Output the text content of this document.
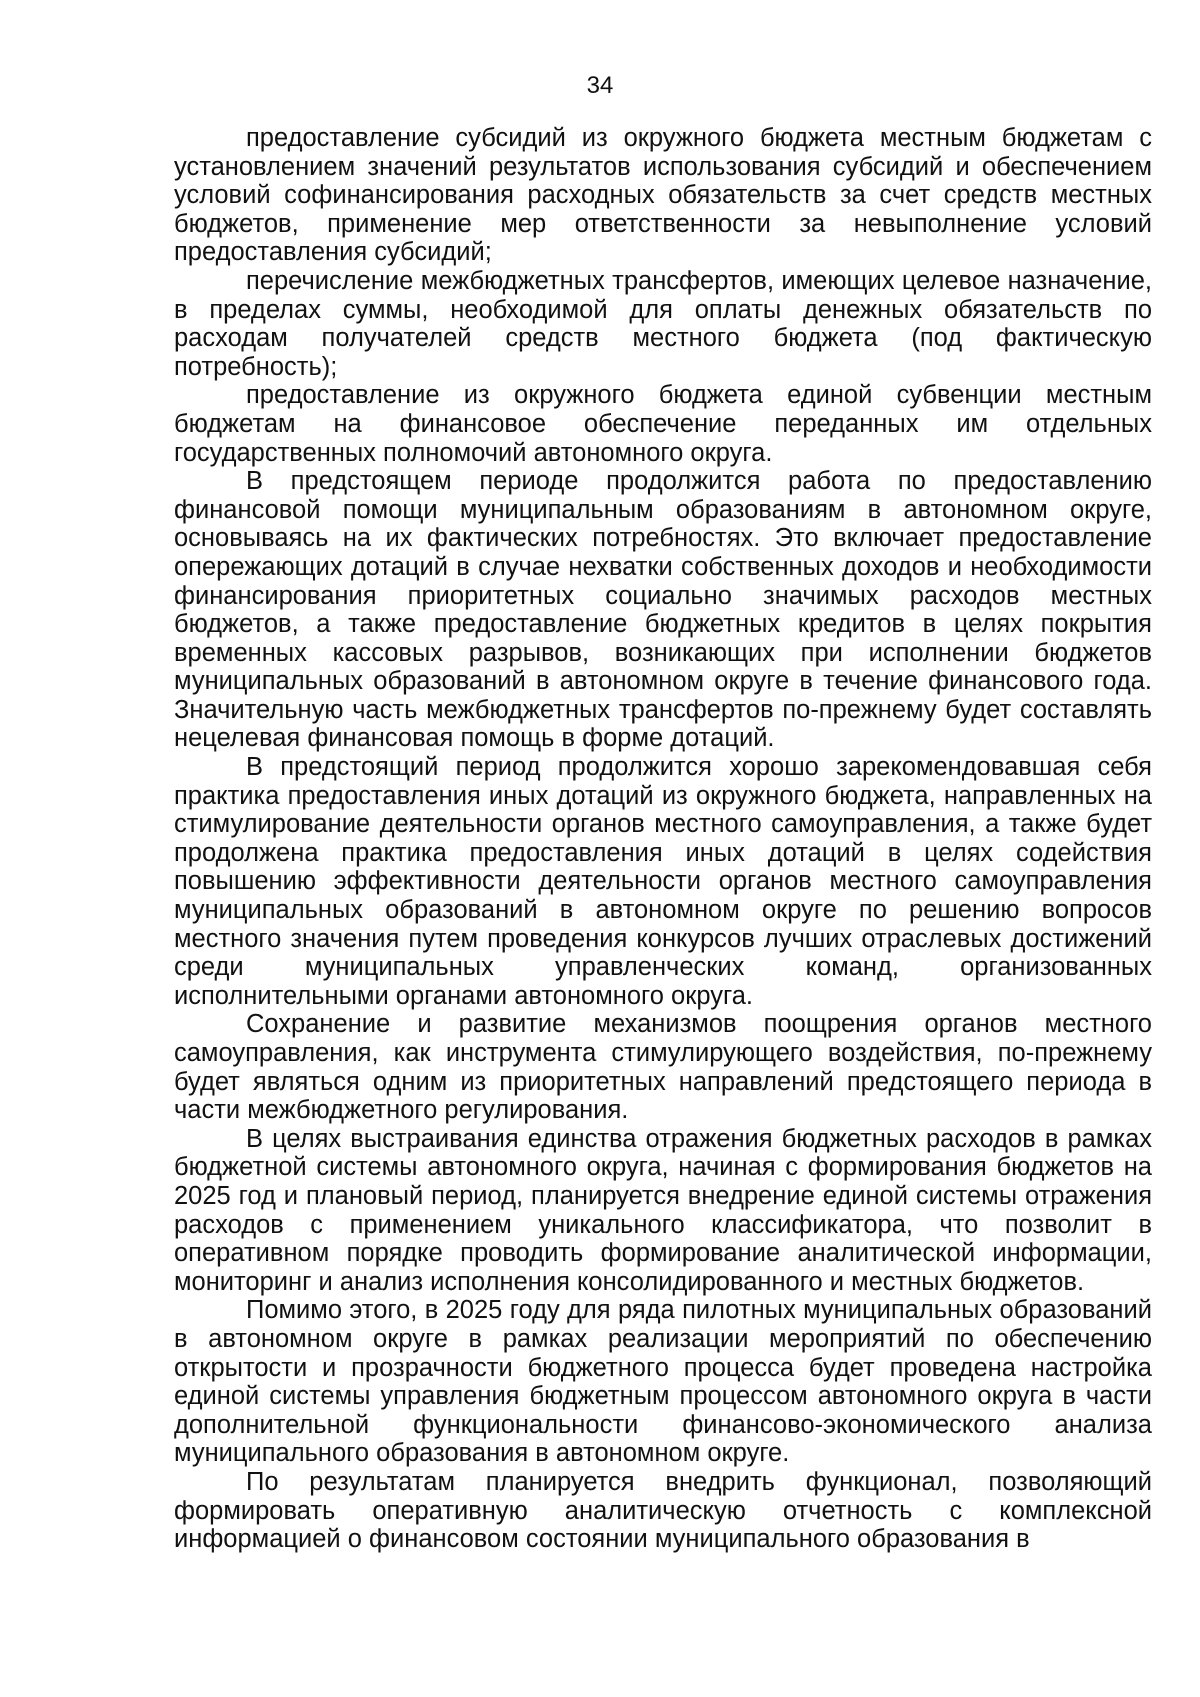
34

предоставление субсидий из окружного бюджета местным бюджетам с установлением значений результатов использования субсидий и обеспечением условий софинансирования расходных обязательств за счет средств местных бюджетов, применение мер ответственности за невыполнение условий предоставления субсидий;

перечисление межбюджетных трансфертов, имеющих целевое назначение, в пределах суммы, необходимой для оплаты денежных обязательств по расходам получателей средств местного бюджета (под фактическую потребность);

предоставление из окружного бюджета единой субвенции местным бюджетам на финансовое обеспечение переданных им отдельных государственных полномочий автономного округа.

В предстоящем периоде продолжится работа по предоставлению финансовой помощи муниципальным образованиям в автономном округе, основываясь на их фактических потребностях. Это включает предоставление опережающих дотаций в случае нехватки собственных доходов и необходимости финансирования приоритетных социально значимых расходов местных бюджетов, а также предоставление бюджетных кредитов в целях покрытия временных кассовых разрывов, возникающих при исполнении бюджетов муниципальных образований в автономном округе в течение финансового года. Значительную часть межбюджетных трансфертов по-прежнему будет составлять нецелевая финансовая помощь в форме дотаций.

В предстоящий период продолжится хорошо зарекомендовавшая себя практика предоставления иных дотаций из окружного бюджета, направленных на стимулирование деятельности органов местного самоуправления, а также будет продолжена практика предоставления иных дотаций в целях содействия повышению эффективности деятельности органов местного самоуправления муниципальных образований в автономном округе по решению вопросов местного значения путем проведения конкурсов лучших отраслевых достижений среди муниципальных управленческих команд, организованных исполнительными органами автономного округа.

Сохранение и развитие механизмов поощрения органов местного самоуправления, как инструмента стимулирующего воздействия, по-прежнему будет являться одним из приоритетных направлений предстоящего периода в части межбюджетного регулирования.

В целях выстраивания единства отражения бюджетных расходов в рамках бюджетной системы автономного округа, начиная с формирования бюджетов на 2025 год и плановый период, планируется внедрение единой системы отражения расходов с применением уникального классификатора, что позволит в оперативном порядке проводить формирование аналитической информации, мониторинг и анализ исполнения консолидированного и местных бюджетов.

Помимо этого, в 2025 году для ряда пилотных муниципальных образований в автономном округе в рамках реализации мероприятий по обеспечению открытости и прозрачности бюджетного процесса будет проведена настройка единой системы управления бюджетным процессом автономного округа в части дополнительной функциональности финансово-экономического анализа муниципального образования в автономном округе.

По результатам планируется внедрить функционал, позволяющий формировать оперативную аналитическую отчетность с комплексной информацией о финансовом состоянии муниципального образования в
